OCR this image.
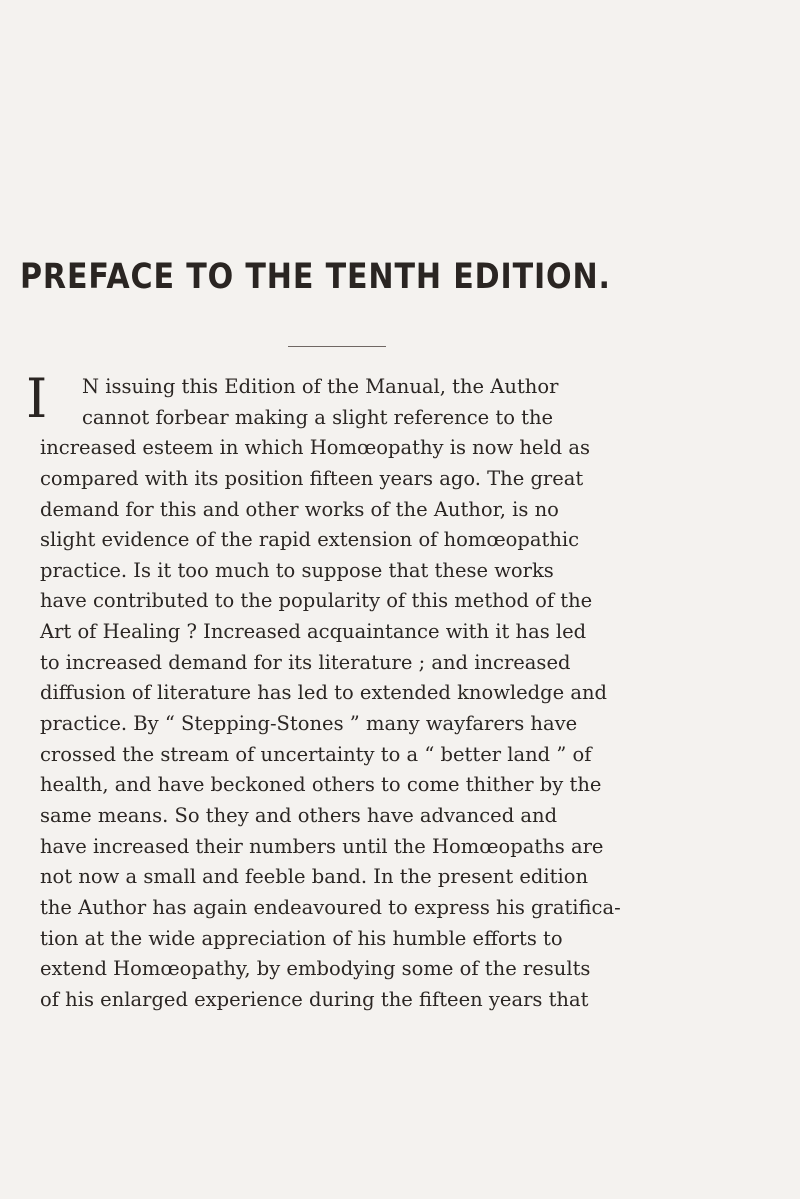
PREFACE TO THE TENTH EDITION.
I	N issuing this Edition of the Manual, the Author
cannot forbear making a slight reference to the
increased esteem in which Homœopathy is now held as
compared with its position fifteen years ago. The great
demand for this and other works of the Author, is no
slight evidence of the rapid extension of homœopathic
practice. Is it too much to suppose that these works
have contributed to the popularity of this method of the
Art of Healing ? Increased acquaintance with it has led
to increased demand for its literature ; and increased
diffusion of literature has led to extended knowledge and
practice. By “ Stepping-Stones ” many wayfarers have
crossed the stream of uncertainty to a “ better land ” of
health, and have beckoned others to come thither by the
same means. So they and others have advanced and
have increased their numbers until the Homœopaths are
not now a small and feeble band. In the present edition
the Author has again endeavoured to express his gratifica-
tion at the wide appreciation of his humble efforts to
extend Homœopathy, by embodying some of the results
of his enlarged experience during the fifteen years that
